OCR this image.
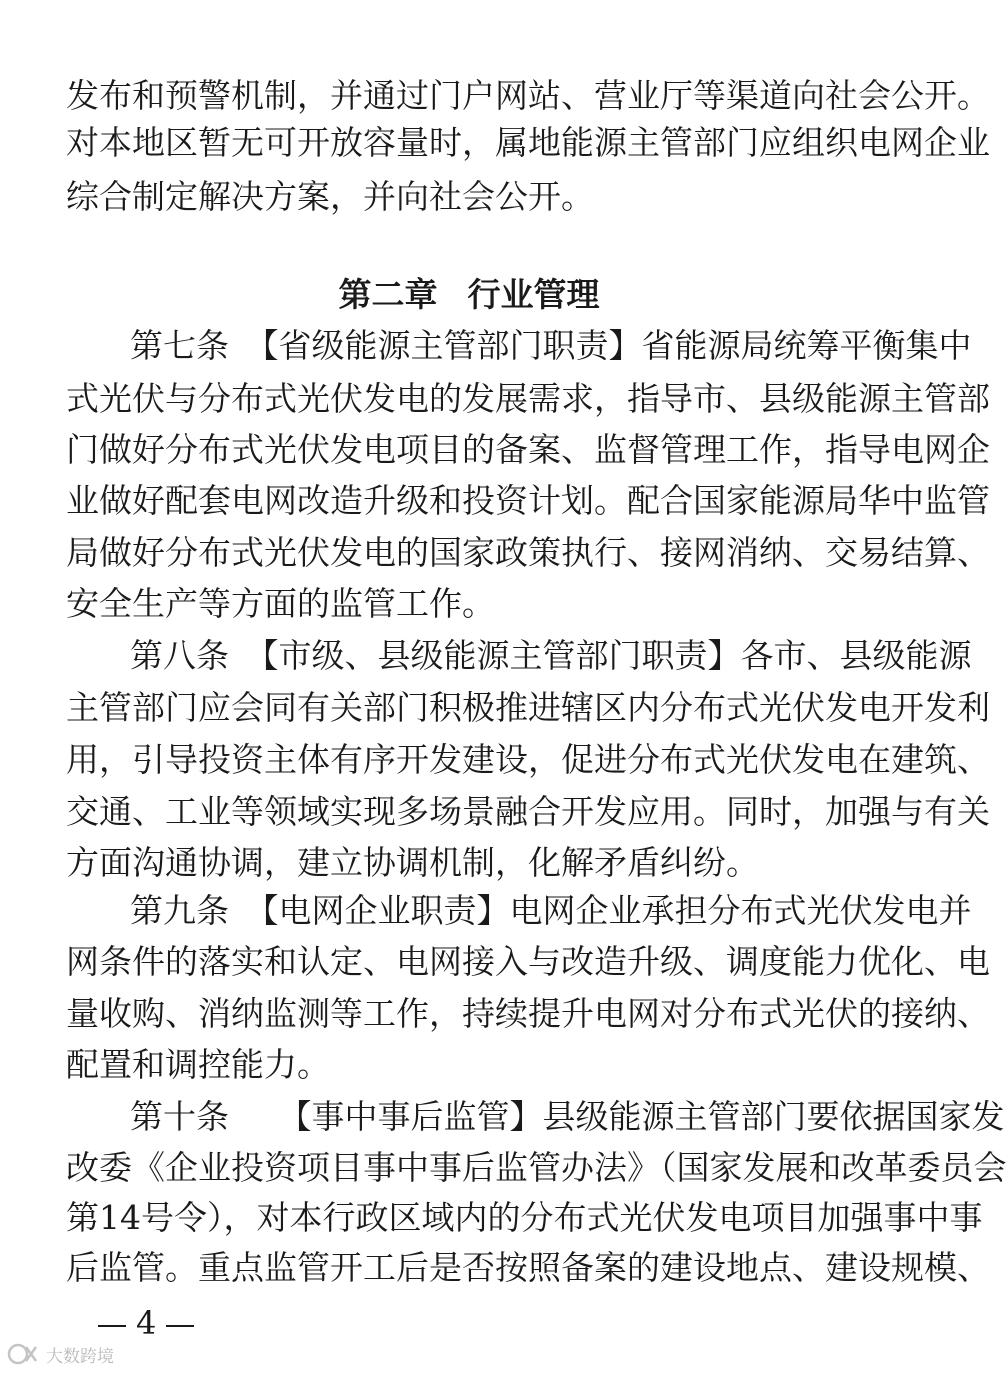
发布和预警机制，并通过门户网站、营业厅等渠道向社会公开。
对本地区暂无可开放容量时，属地能源主管部门应组织电网企业
综合制定解决方案，并向社会公开。
第二章 行业管理
第七条　【省级能源主管部门职责】省能源局统筹平衡集中
式光伏与分布式光伏发电的发展需求，指导市、县级能源主管部
门做好分布式光伏发电项目的备案、监督管理工作，指导电网企
业做好配套电网改造升级和投资计划。配合国家能源局华中监管
局做好分布式光伏发电的国家政策执行、接网消纳、交易结算、
安全生产等方面的监管工作。
第八条　【市级、县级能源主管部门职责】各市、县级能源
主管部门应会同有关部门积极推进辖区内分布式光伏发电开发利
用，引导投资主体有序开发建设，促进分布式光伏发电在建筑、
交通、工业等领域实现多场景融合开发应用。同时，加强与有关
方面沟通协调，建立协调机制，化解矛盾纠纷。
第九条　【电网企业职责】电网企业承担分布式光伏发电并
网条件的落实和认定、电网接入与改造升级、调度能力优化、电
量收购、消纳监测等工作，持续提升电网对分布式光伏的接纳、
配置和调控能力。
第十条　　【事中事后监管】县级能源主管部门要依据国家发
改委《企业投资项目事中事后监管办法》（国家发展和改革委员会
第14号令），对本行政区域内的分布式光伏发电项目加强事中事
后监管。重点监管开工后是否按照备案的建设地点、建设规模、
4
大数跨境
